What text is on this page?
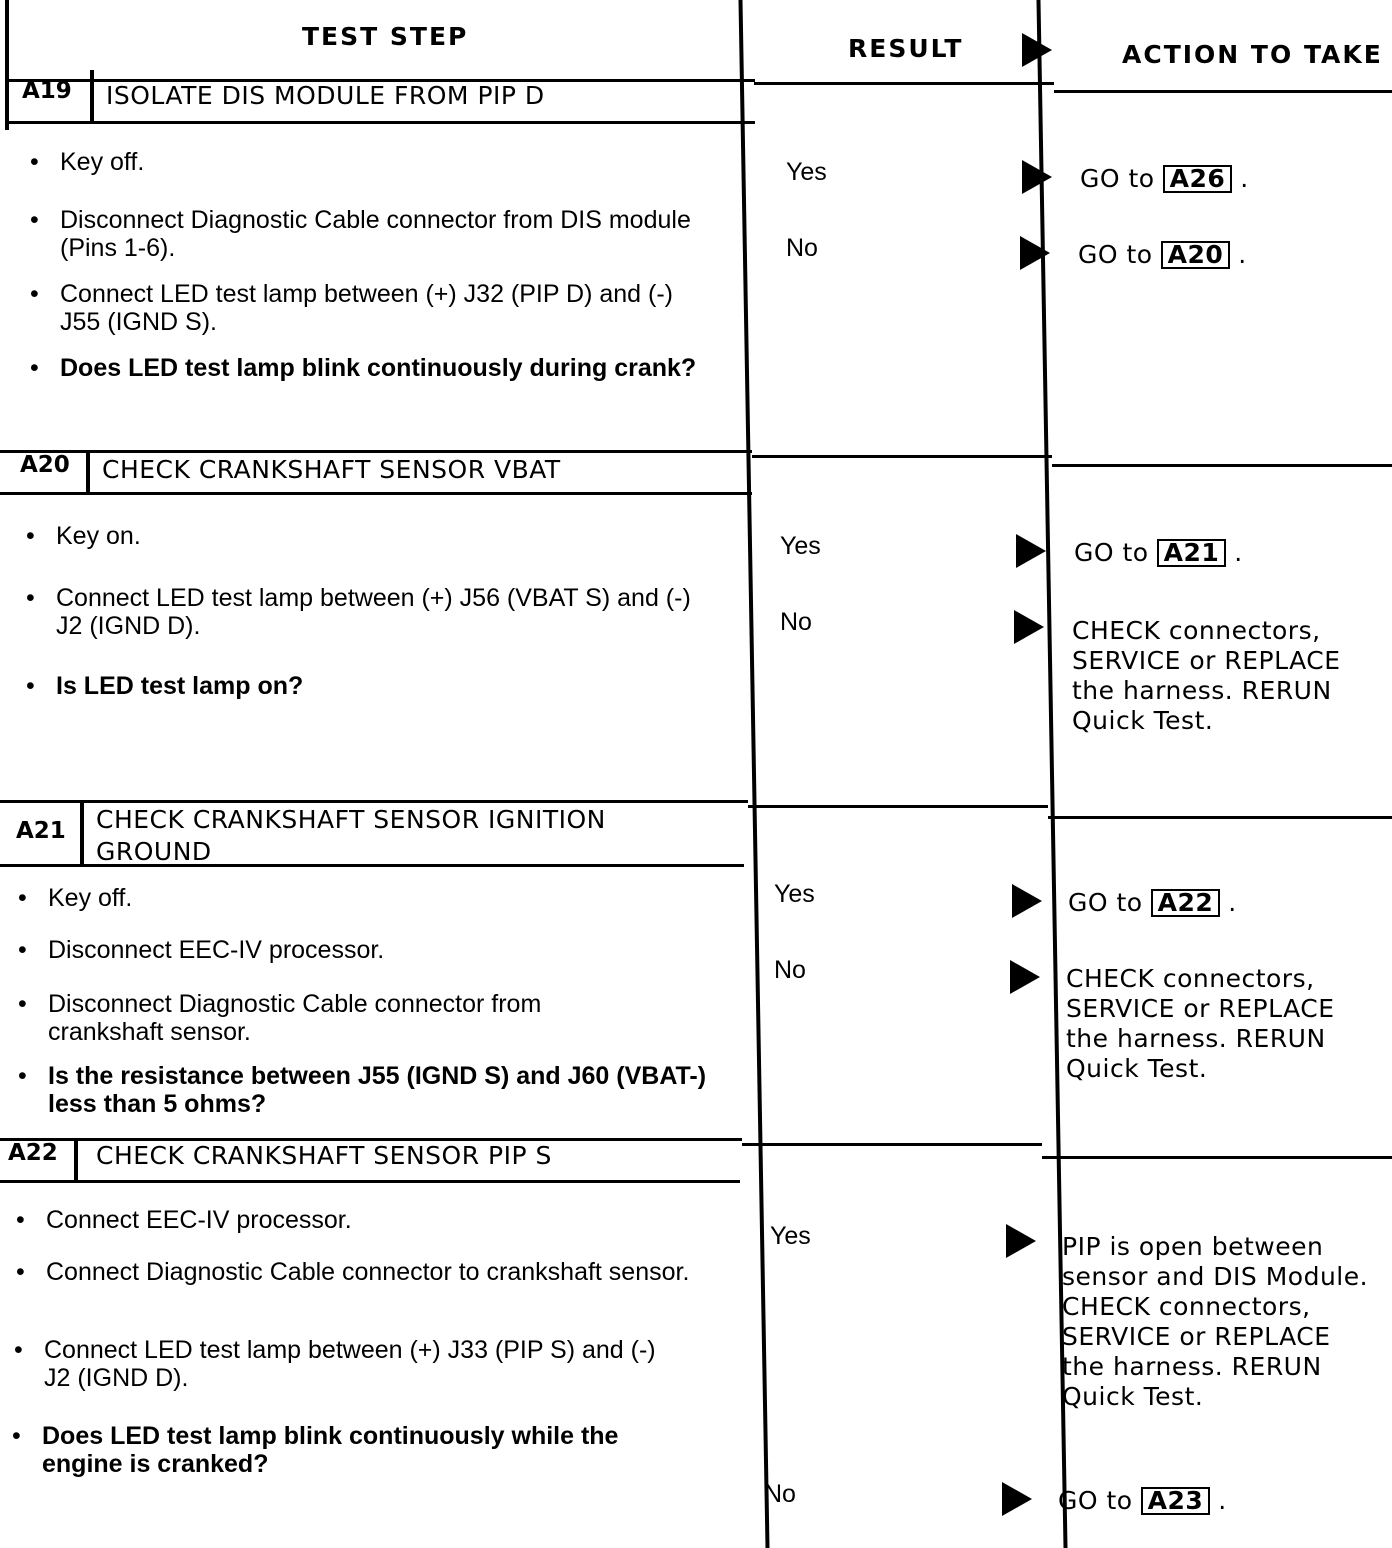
TEST STEP	RESULT	ACTION TO TAKE
A19 ISOLATE DIS MODULE FROM PIP D
• Key off.
• Disconnect Diagnostic Cable connector from DIS module (Pins 1-6).
• Connect LED test lamp between (+) J32 (PIP D) and (-) J55 (IGND S).
• Does LED test lamp blink continuously during crank?
Yes	GO to A26 .
No	GO to A20 .
A20 CHECK CRANKSHAFT SENSOR VBAT
• Key on.
• Connect LED test lamp between (+) J56 (VBAT S) and (-) J2 (IGND D).
• Is LED test lamp on?
Yes	GO to A21 .
No	CHECK connectors, SERVICE or REPLACE the harness. RERUN Quick Test.
A21 CHECK CRANKSHAFT SENSOR IGNITION GROUND
• Key off.
• Disconnect EEC-IV processor.
• Disconnect Diagnostic Cable connector from crankshaft sensor.
• Is the resistance between J55 (IGND S) and J60 (VBAT-) less than 5 ohms?
Yes	GO to A22 .
No	CHECK connectors, SERVICE or REPLACE the harness. RERUN Quick Test.
A22 CHECK CRANKSHAFT SENSOR PIP S
• Connect EEC-IV processor.
• Connect Diagnostic Cable connector to crankshaft sensor.
• Connect LED test lamp between (+) J33 (PIP S) and (-) J2 (IGND D).
• Does LED test lamp blink continuously while the engine is cranked?
Yes	PIP is open between sensor and DIS Module. CHECK connectors, SERVICE or REPLACE the harness. RERUN Quick Test.
No	GO to A23 .
